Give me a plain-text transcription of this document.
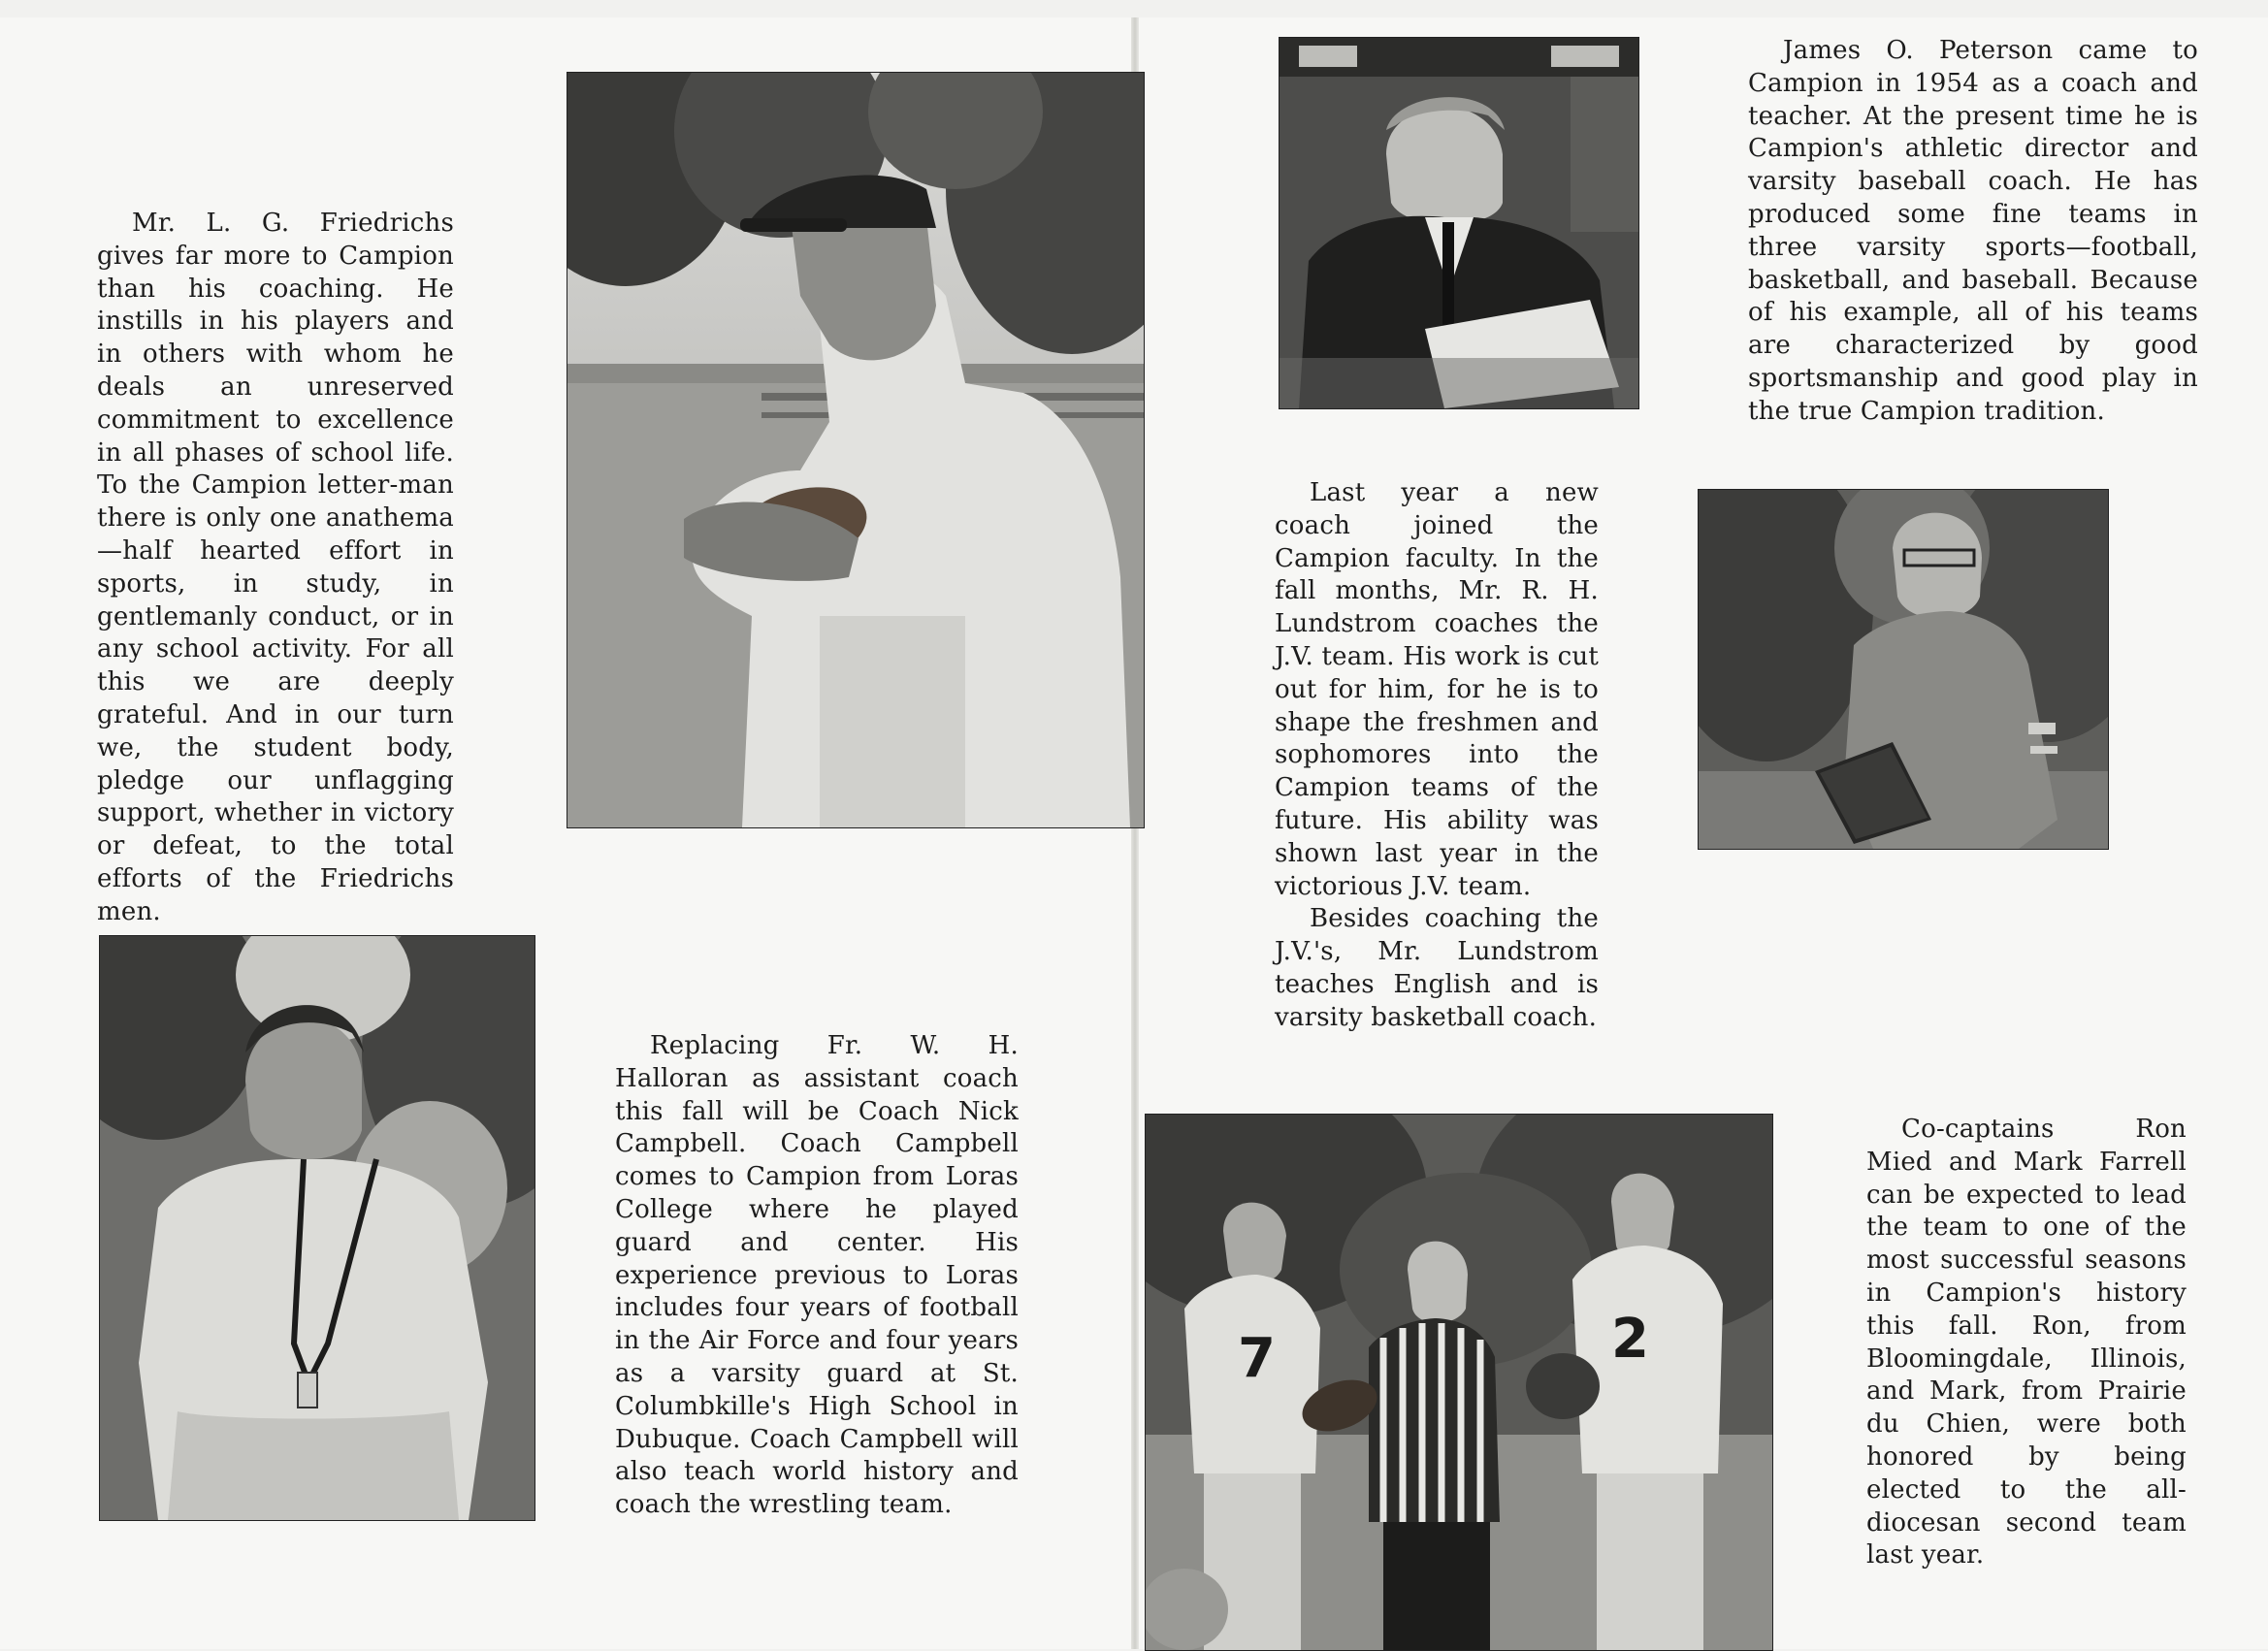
Mr. L. G. Friedrichs gives far more to Campion than his coaching. He instills in his players and in others with whom he deals an unreserved commitment to excellence in all phases of school life. To the Campion letter-man there is only one anathema—half hearted effort in sports, in study, in gentlemanly conduct, or in any school activity. For all this we are deeply grateful. And in our turn we, the student body, pledge our unflagging support, whether in victory or defeat, to the total efforts of the Friedrichs men.

Replacing Fr. W. H. Halloran as assistant coach this fall will be Coach Nick Campbell. Coach Campbell comes to Campion from Loras College where he played guard and center. His experience previous to Loras includes four years of football in the Air Force and four years as a varsity guard at St. Columbkille's High School in Dubuque. Coach Campbell will also teach world history and coach the wrestling team.

James O. Peterson came to Campion in 1954 as a coach and teacher. At the present time he is Campion's athletic director and varsity baseball coach. He has produced some fine teams in three varsity sports—football, basketball, and baseball. Because of his example, all of his teams are characterized by good sportsmanship and good play in the true Campion tradition.

Last year a new coach joined the Campion faculty. In the fall months, Mr. R. H. Lundstrom coaches the J.V. team. His work is cut out for him, for he is to shape the freshmen and sophomores into the Campion teams of the future. His ability was shown last year in the victorious J.V. team.

Besides coaching the J.V.'s, Mr. Lundstrom teaches English and is varsity basketball coach.

7	2

Co-captains Ron Mied and Mark Farrell can be expected to lead the team to one of the most successful seasons in Campion's history this fall. Ron, from Bloomingdale, Illinois, and Mark, from Prairie du Chien, were both honored by being elected to the all-diocesan second team last year.
